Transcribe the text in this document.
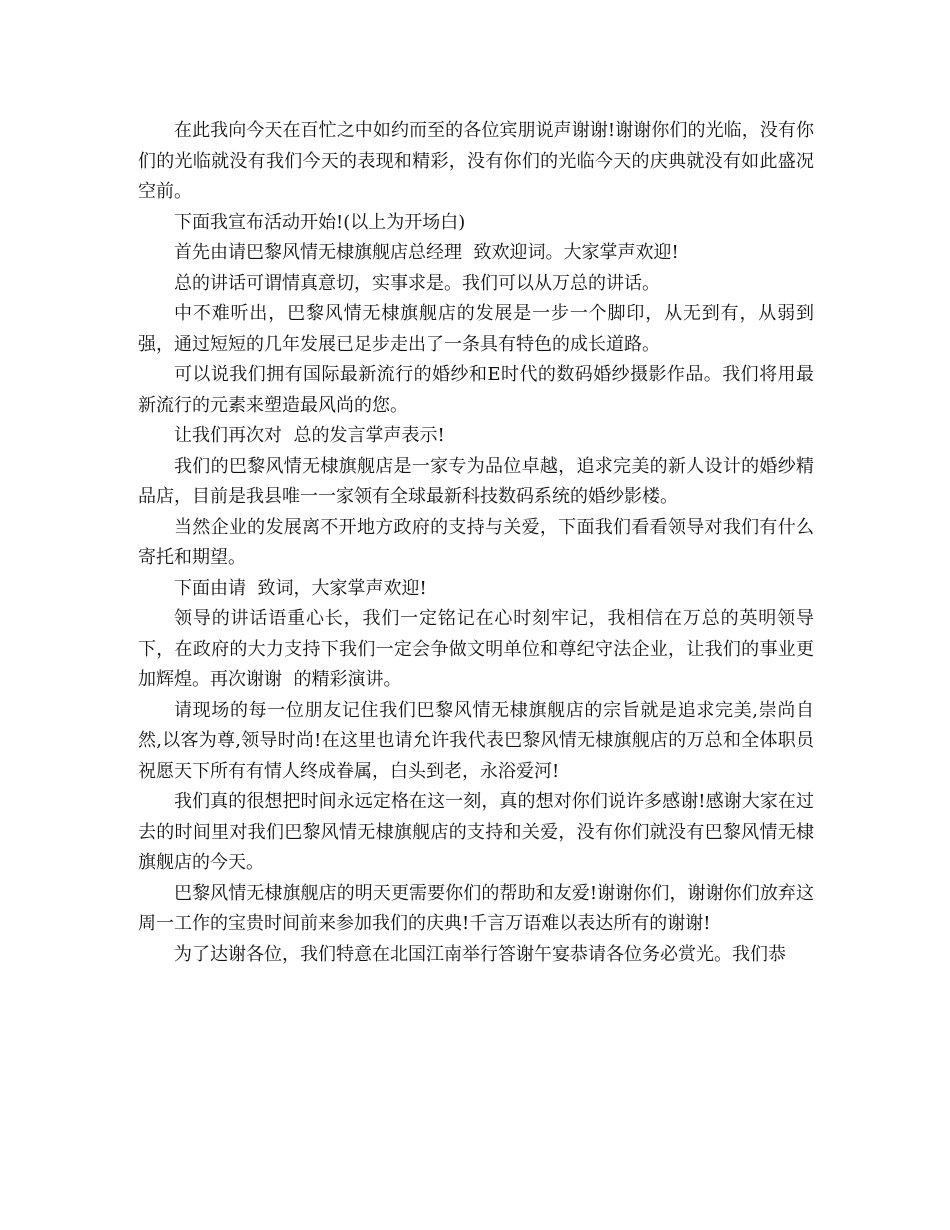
在此我向今天在百忙之中如约而至的各位宾朋说声谢谢!谢谢你们的光临，没有你们的光临就没有我们今天的表现和精彩，没有你们的光临今天的庆典就没有如此盛况空前。

下面我宣布活动开始!(以上为开场白)

首先由请巴黎风情无棣旗舰店总经理  致欢迎词。大家掌声欢迎!

总的讲话可谓情真意切，实事求是。我们可以从万总的讲话。

中不难听出，巴黎风情无棣旗舰店的发展是一步一个脚印，从无到有，从弱到强，通过短短的几年发展已足步走出了一条具有特色的成长道路。

可以说我们拥有国际最新流行的婚纱和E时代的数码婚纱摄影作品。我们将用最新流行的元素来塑造最风尚的您。

让我们再次对  总的发言掌声表示!

我们的巴黎风情无棣旗舰店是一家专为品位卓越，追求完美的新人设计的婚纱精品店，目前是我县唯一一家领有全球最新科技数码系统的婚纱影楼。

当然企业的发展离不开地方政府的支持与关爱，下面我们看看领导对我们有什么寄托和期望。

下面由请  致词，大家掌声欢迎!

领导的讲话语重心长，我们一定铭记在心时刻牢记，我相信在万总的英明领导下，在政府的大力支持下我们一定会争做文明单位和尊纪守法企业，让我们的事业更加辉煌。再次谢谢  的精彩演讲。

请现场的每一位朋友记住我们巴黎风情无棣旗舰店的宗旨就是追求完美,崇尚自然,以客为尊,领导时尚!在这里也请允许我代表巴黎风情无棣旗舰店的万总和全体职员祝愿天下所有有情人终成眷属，白头到老，永浴爱河!

我们真的很想把时间永远定格在这一刻，真的想对你们说许多感谢!感谢大家在过去的时间里对我们巴黎风情无棣旗舰店的支持和关爱，没有你们就没有巴黎风情无棣旗舰店的今天。

巴黎风情无棣旗舰店的明天更需要你们的帮助和友爱!谢谢你们，谢谢你们放弃这周一工作的宝贵时间前来参加我们的庆典!千言万语难以表达所有的谢谢!

为了达谢各位，我们特意在北国江南举行答谢午宴恭请各位务必赏光。我们恭
